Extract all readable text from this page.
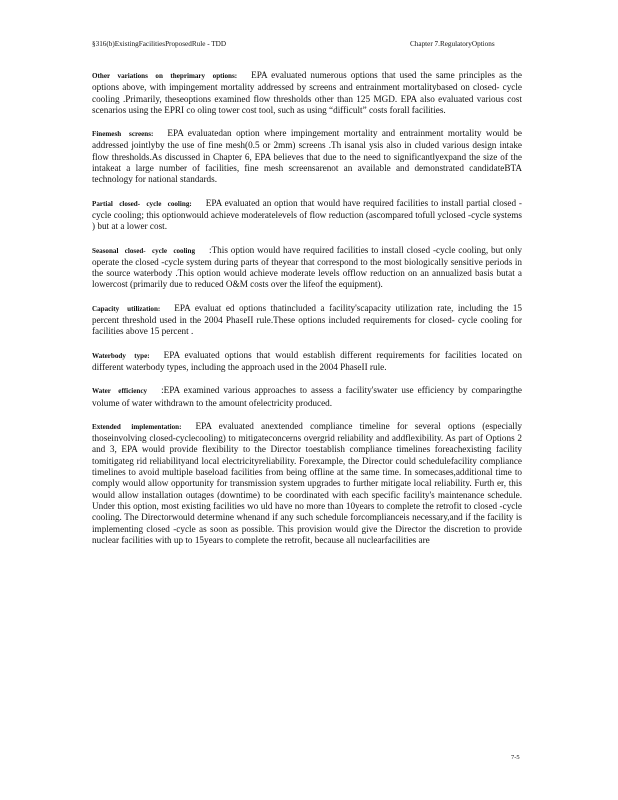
§316(b)ExistingFacilitiesProposedRule - TDD	Chapter 7.RegulatoryOptions

Other variations on theprimary options: EPA evaluated numerous options that used the same principles as the options above, with impingement mortality addressed by screens and entrainment mortalitybased on closed- cycle cooling .Primarily, theseoptions examined flow thresholds other than 125 MGD. EPA also evaluated various cost scenarios using the EPRI co oling tower cost tool, such as using “difficult” costs forall facilities.

Finemesh screens: EPA evaluatedan option where impingement mortality and entrainment mortality would be addressed jointlyby the use of fine mesh(0.5 or 2mm) screens .Th isanal ysis also in cluded various design intake flow thresholds.As discussed in Chapter 6, EPA believes that due to the need to significantlyexpand the size of the intakeat a large number of facilities, fine mesh screensarenot an available and demonstrated candidateBTA technology for national standards.

Partial closed- cycle cooling: EPA evaluated an option that would have required facilities to install partial closed -cycle cooling; this optionwould achieve moderatelevels of flow reduction (ascompared tofull yclosed -cycle systems ) but at a lower cost.

Seasonal closed- cycle cooling :This option would have required facilities to install closed -cycle cooling, but only operate the closed -cycle system during parts of theyear that correspond to the most biologically sensitive periods in the source waterbody .This option would achieve moderate levels offlow reduction on an annualized basis butat a lowercost (primarily due to reduced O&M costs over the lifeof the equipment).

Capacity utilization: EPA evaluat ed options thatincluded a facility'scapacity utilization rate, including the 15 percent threshold used in the 2004 PhaseII rule.These options included requirements for closed- cycle cooling for facilities above 15 percent .

Waterbody type: EPA evaluated options that would establish different requirements for facilities located on different waterbody types, including the approach used in the 2004 PhaseII rule.

Water efficiency :EPA examined various approaches to assess a facility'swater use efficiency by comparingthe volume of water withdrawn to the amount ofelectricity produced.

Extended implementation: EPA evaluated anextended compliance timeline for several options (especially thoseinvolving closed-cyclecooling) to mitigateconcerns overgrid reliability and addflexibility. As part of Options 2 and 3, EPA would provide flexibility to the Director toestablish compliance timelines foreachexisting facility tomitigateg rid reliabilityand local electricityreliability. Forexample, the Director could schedulefacility compliance timelines to avoid multiple baseload facilities from being offline at the same time. In somecases,additional time to comply would allow opportunity for transmission system upgrades to further mitigate local reliability. Furth er, this would allow installation outages (downtime) to be coordinated with each specific facility's maintenance schedule. Under this option, most existing facilities wo uld have no more than 10years to complete the retrofit to closed -cycle cooling. The Directorwould determine whenand if any such schedule forcomplianceis necessary,and if the facility is implementing closed -cycle as soon as possible. This provision would give the Director the discretion to provide nuclear facilities with up to 15years to complete the retrofit, because all nuclearfacilities are

7-5
